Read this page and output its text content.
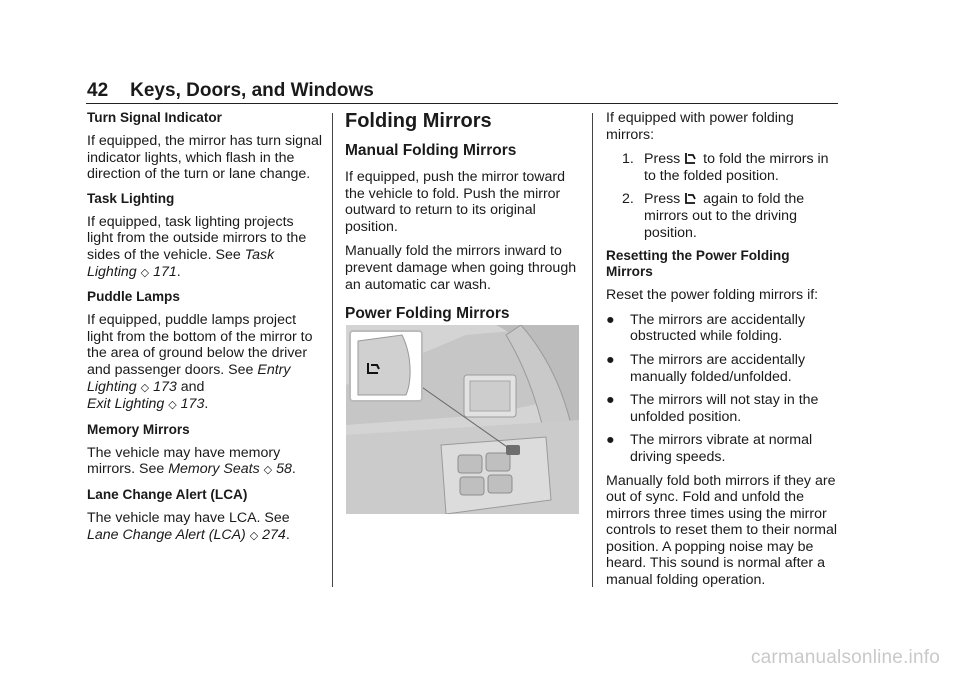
42 Keys, Doors, and Windows
Turn Signal Indicator

If equipped, the mirror has turn signal indicator lights, which flash in the direction of the turn or lane change.

Task Lighting

If equipped, task lighting projects light from the outside mirrors to the sides of the vehicle. See Task Lighting ◇ 171.

Puddle Lamps

If equipped, puddle lamps project light from the bottom of the mirror to the area of ground below the driver and passenger doors. See Entry Lighting ◇ 173 and
Exit Lighting ◇ 173.

Memory Mirrors

The vehicle may have memory mirrors. See Memory Seats ◇ 58.

Lane Change Alert (LCA)

The vehicle may have LCA. See
Lane Change Alert (LCA) ◇ 274.

Folding Mirrors
Manual Folding Mirrors

If equipped, push the mirror toward the vehicle to fold. Push the mirror outward to return to its original position.

Manually fold the mirrors inward to prevent damage when going through an automatic car wash.

Power Folding Mirrors

If equipped with power folding mirrors:

1. Press to fold the mirrors in to the folded position.
2. Press again to fold the mirrors out to the driving position.
Resetting the Power Folding Mirrors

Reset the power folding mirrors if:

●	The mirrors are accidentally obstructed while folding.
●	The mirrors are accidentally manually folded/unfolded.
●	The mirrors will not stay in the unfolded position.
●	The mirrors vibrate at normal driving speeds.

Manually fold both mirrors if they are out of sync. Fold and unfold the mirrors three times using the mirror controls to reset them to their normal position. A popping noise may be heard. This sound is normal after a manual folding operation.

carmanualsonline.info
